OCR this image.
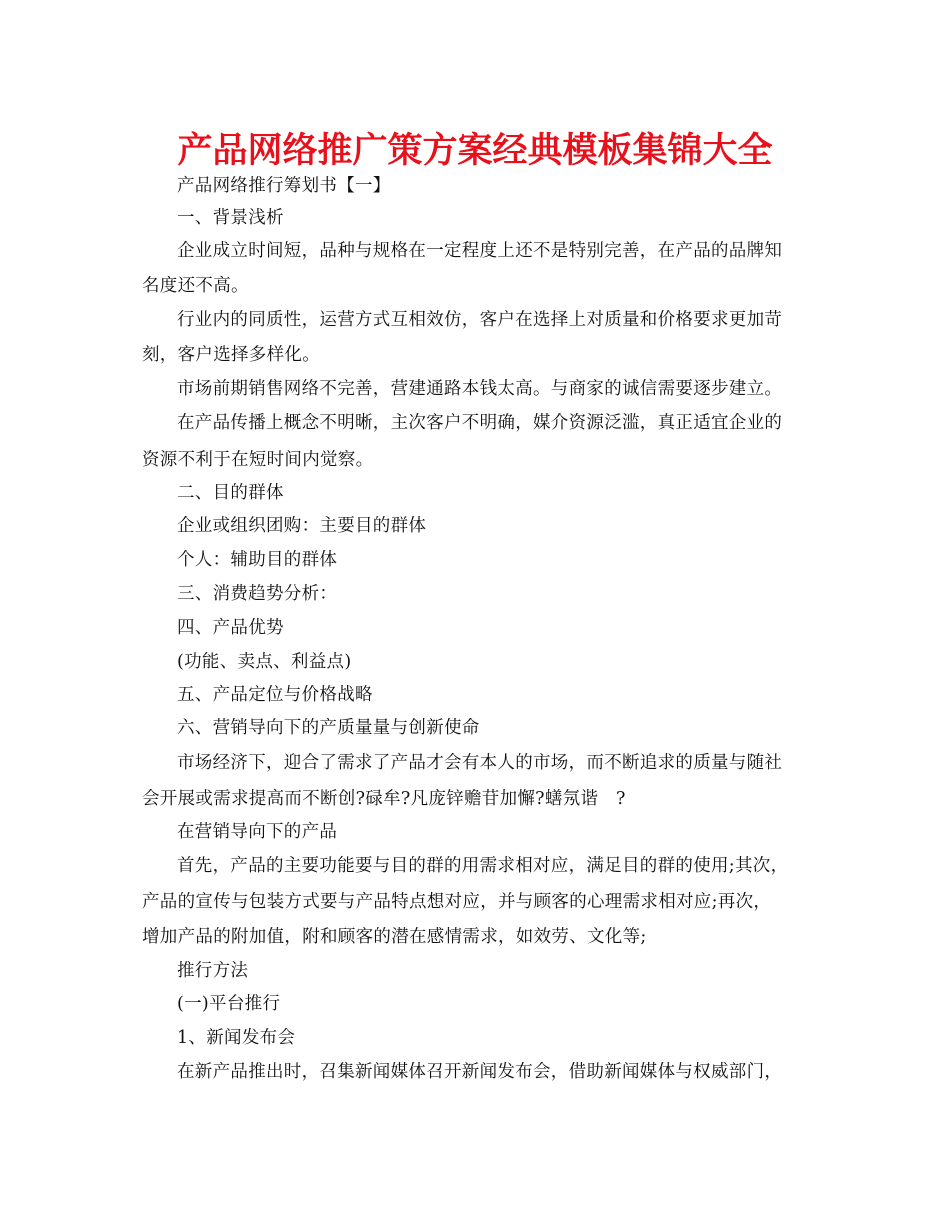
产品网络推广策方案经典模板集锦大全
产品网络推行筹划书【一】
一、背景浅析
企业成立时间短，品种与规格在一定程度上还不是特别完善，在产品的品牌知
名度还不高。
行业内的同质性，运营方式互相效仿，客户在选择上对质量和价格要求更加苛
刻，客户选择多样化。
市场前期销售网络不完善，营建通路本钱太高。与商家的诚信需要逐步建立。
在产品传播上概念不明晰，主次客户不明确，媒介资源泛滥，真正适宜企业的
资源不利于在短时间内觉察。
二、目的群体
企业或组织团购：主要目的群体
个人：辅助目的群体
三、消费趋势分析：
四、产品优势
(功能、卖点、利益点)
五、产品定位与价格战略
六、营销导向下的产质量量与创新使命
市场经济下，迎合了需求了产品才会有本人的市场，而不断追求的质量与随社
会开展或需求提高而不断创?碌牟?凡庞锌赡苷加懈?蟮氖谐　?
在营销导向下的产品
首先，产品的主要功能要与目的群的用需求相对应，满足目的群的使用;其次，
产品的宣传与包装方式要与产品特点想对应，并与顾客的心理需求相对应;再次，
增加产品的附加值，附和顾客的潜在感情需求，如效劳、文化等;
推行方法
(一)平台推行
1、新闻发布会
在新产品推出时，召集新闻媒体召开新闻发布会，借助新闻媒体与权威部门，
